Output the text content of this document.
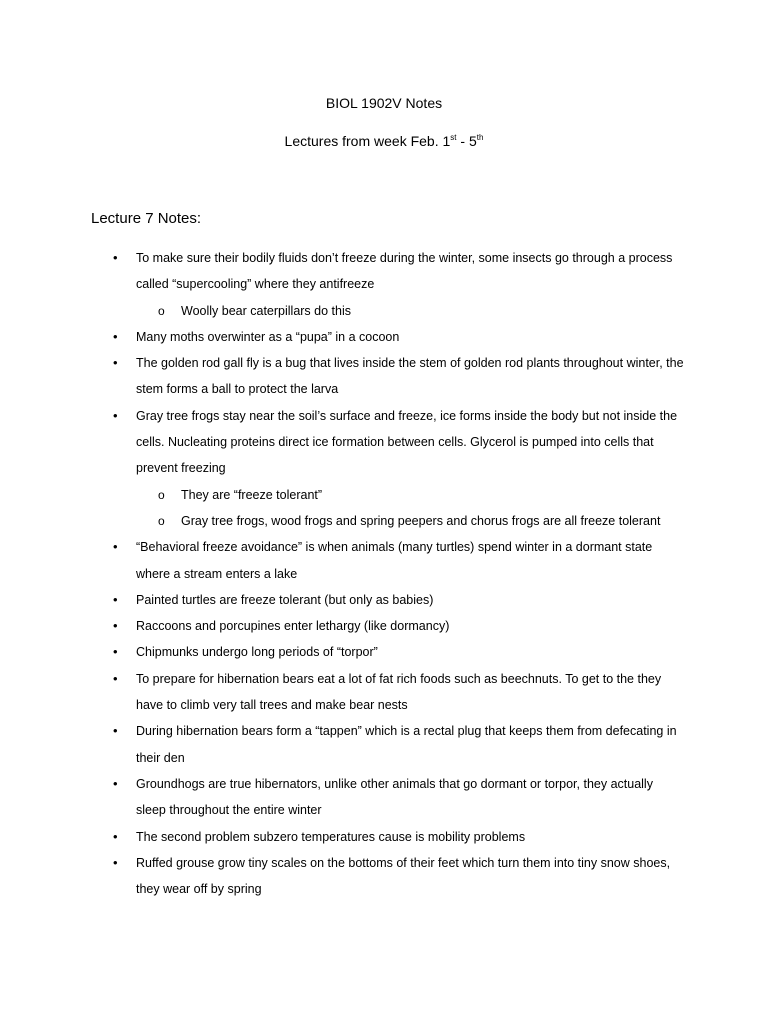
BIOL 1902V Notes
Lectures from week Feb. 1st - 5th
Lecture 7 Notes:
• To make sure their bodily fluids don’t freeze during the winter, some insects go through a process called “supercooling” where they antifreeze
o Woolly bear caterpillars do this
• Many moths overwinter as a “pupa” in a cocoon
• The golden rod gall fly is a bug that lives inside the stem of golden rod plants throughout winter, the stem forms a ball to protect the larva
• Gray tree frogs stay near the soil’s surface and freeze, ice forms inside the body but not inside the cells. Nucleating proteins direct ice formation between cells. Glycerol is pumped into cells that prevent freezing
o They are “freeze tolerant”
o Gray tree frogs, wood frogs and spring peepers and chorus frogs are all freeze tolerant
• “Behavioral freeze avoidance” is when animals (many turtles) spend winter in a dormant state where a stream enters a lake
• Painted turtles are freeze tolerant (but only as babies)
• Raccoons and porcupines enter lethargy (like dormancy)
• Chipmunks undergo long periods of “torpor”
• To prepare for hibernation bears eat a lot of fat rich foods such as beechnuts. To get to the they have to climb very tall trees and make bear nests
• During hibernation bears form a “tappen” which is a rectal plug that keeps them from defecating in their den
• Groundhogs are true hibernators, unlike other animals that go dormant or torpor, they actually sleep throughout the entire winter
• The second problem subzero temperatures cause is mobility problems
• Ruffed grouse grow tiny scales on the bottoms of their feet which turn them into tiny snow shoes, they wear off by spring
